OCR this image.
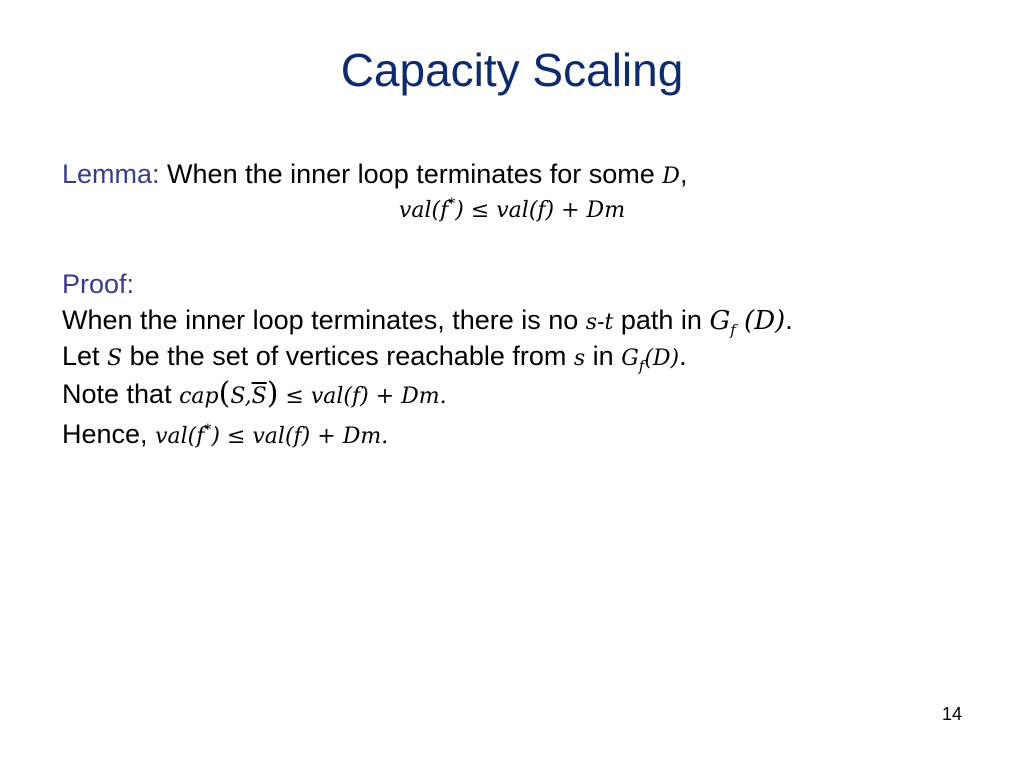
Capacity Scaling
Lemma: When the inner loop terminates for some D,
val(f*) ≤ val(f) + Dm
Proof:
When the inner loop terminates, there is no s-t path in $G_f$ (D).
Let S be the set of vertices reachable from s in $G_f(D)$.
Note that $cap(S,\overline{S}) \le val(f) + Dm$.
Hence, val(f*) ≤ val(f) + Dm.
14
